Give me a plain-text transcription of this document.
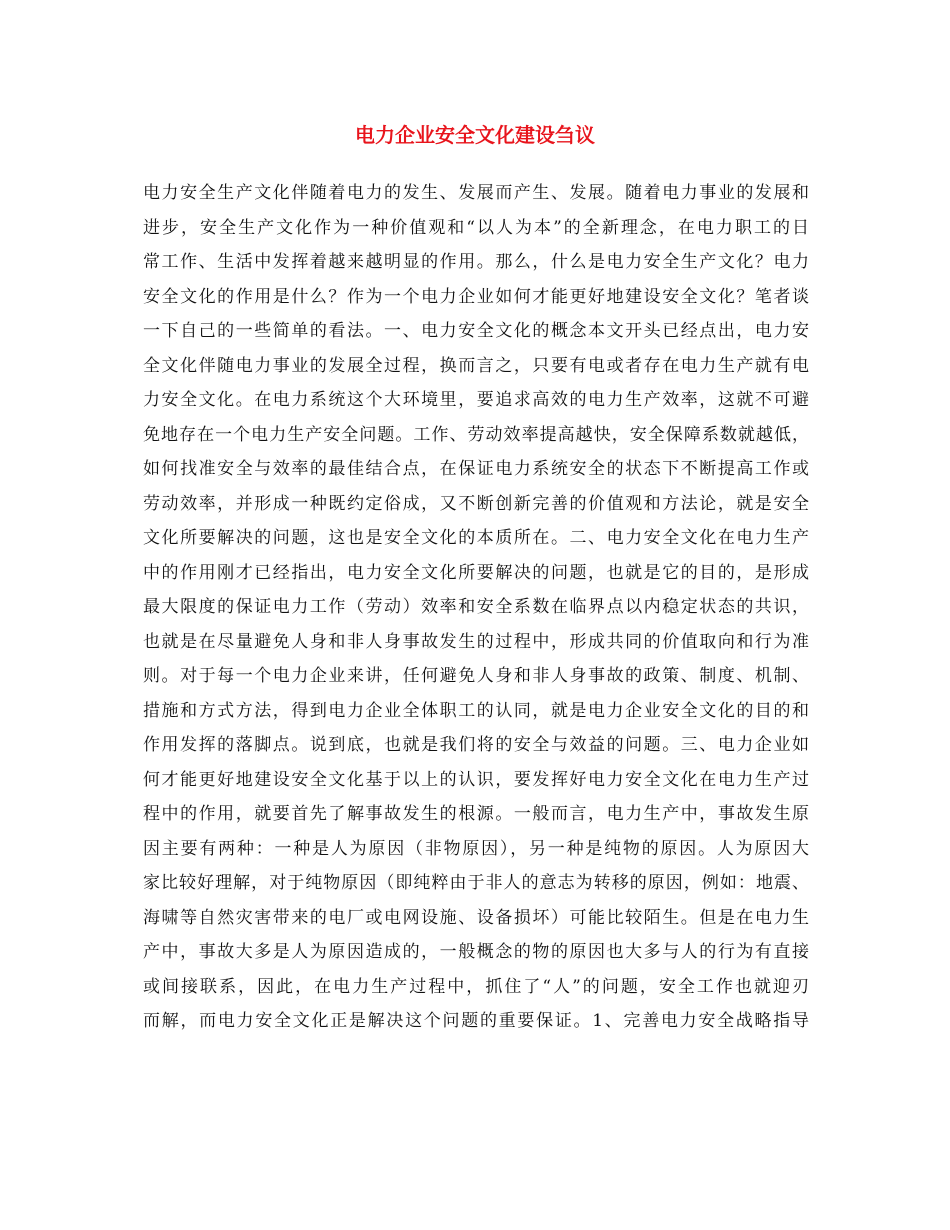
电力企业安全文化建设刍议
电力安全生产文化伴随着电力的发生、发展而产生、发展。随着电力事业的发展和
进步，安全生产文化作为一种价值观和“以人为本”的全新理念，在电力职工的日
常工作、生活中发挥着越来越明显的作用。那么，什么是电力安全生产文化？电力
安全文化的作用是什么？作为一个电力企业如何才能更好地建设安全文化？笔者谈
一下自己的一些简单的看法。一、电力安全文化的概念本文开头已经点出，电力安
全文化伴随电力事业的发展全过程，换而言之，只要有电或者存在电力生产就有电
力安全文化。在电力系统这个大环境里，要追求高效的电力生产效率，这就不可避
免地存在一个电力生产安全问题。工作、劳动效率提高越快，安全保障系数就越低，
如何找准安全与效率的最佳结合点，在保证电力系统安全的状态下不断提高工作或
劳动效率，并形成一种既约定俗成，又不断创新完善的价值观和方法论，就是安全
文化所要解决的问题，这也是安全文化的本质所在。二、电力安全文化在电力生产
中的作用刚才已经指出，电力安全文化所要解决的问题，也就是它的目的，是形成
最大限度的保证电力工作（劳动）效率和安全系数在临界点以内稳定状态的共识，
也就是在尽量避免人身和非人身事故发生的过程中，形成共同的价值取向和行为准
则。对于每一个电力企业来讲，任何避免人身和非人身事故的政策、制度、机制、
措施和方式方法，得到电力企业全体职工的认同，就是电力企业安全文化的目的和
作用发挥的落脚点。说到底，也就是我们将的安全与效益的问题。三、电力企业如
何才能更好地建设安全文化基于以上的认识，要发挥好电力安全文化在电力生产过
程中的作用，就要首先了解事故发生的根源。一般而言，电力生产中，事故发生原
因主要有两种：一种是人为原因（非物原因），另一种是纯物的原因。人为原因大
家比较好理解，对于纯物原因（即纯粹由于非人的意志为转移的原因，例如：地震、
海啸等自然灾害带来的电厂或电网设施、设备损坏）可能比较陌生。但是在电力生
产中，事故大多是人为原因造成的，一般概念的物的原因也大多与人的行为有直接
或间接联系，因此，在电力生产过程中，抓住了“人”的问题，安全工作也就迎刃
而解，而电力安全文化正是解决这个问题的重要保证。1、完善电力安全战略指导
